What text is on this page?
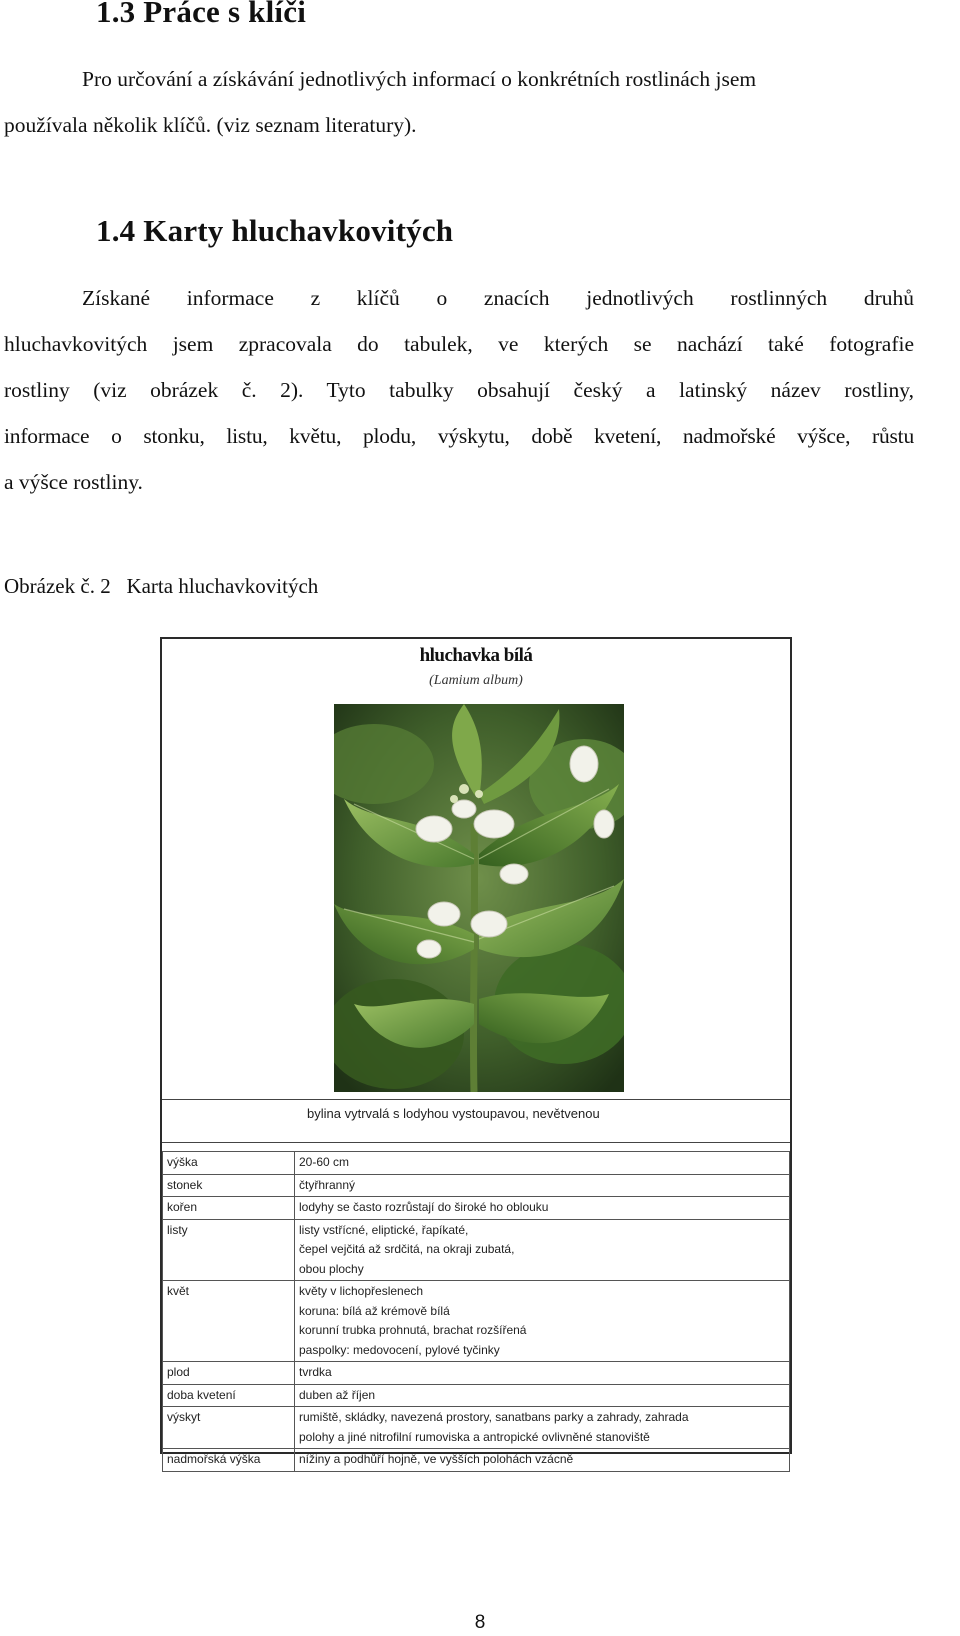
1.3 Práce s klíči
Pro určování a získávání jednotlivých informací o konkrétních rostlinách jsem
používala několik klíčů. (viz seznam literatury).
1.4 Karty hluchavkovitých
Získané informace z klíčů o znacích jednotlivých rostlinných druhů
hluchavkovitých jsem zpracovala do tabulek, ve kterých se nachází také fotografie
rostliny (viz obrázek č. 2). Tyto tabulky obsahují český a latinský název rostliny,
informace o stonku, listu, květu, plodu, výskytu, době kvetení, nadmořské výšce, růstu
a výšce rostliny.
Obrázek č. 2   Karta hluchavkovitých
hluchavka bílá
(Lamium album)
bylina vytrvalá s lodyhou vystoupavou, nevětvenou
výška	20-60 cm
stonek	čtyřhranný
kořen	lodyhy se často rozrůstají do široké ho oblouku
listy	listy vstřícné, eliptické, řapíkaté,
čepel vejčitá až srdčitá, na okraji zubatá,
obou plochy
květ	květy v lichopřeslenech
koruna: bílá až krémově bílá
korunní trubka prohnutá, brachat rozšířená
paspolky: medovocení, pylové tyčinky
plod	tvrdka
doba kvetení	duben až říjen
výskyt	rumiště, skládky, navezená prostory, sanatbans parky a zahrady, zahrada
polohy a jiné nitrofilní rumoviska a antropické ovlivněné stanoviště
nadmořská výška	nížiny a podhůří hojně, ve vyšších polohách vzácně
8
